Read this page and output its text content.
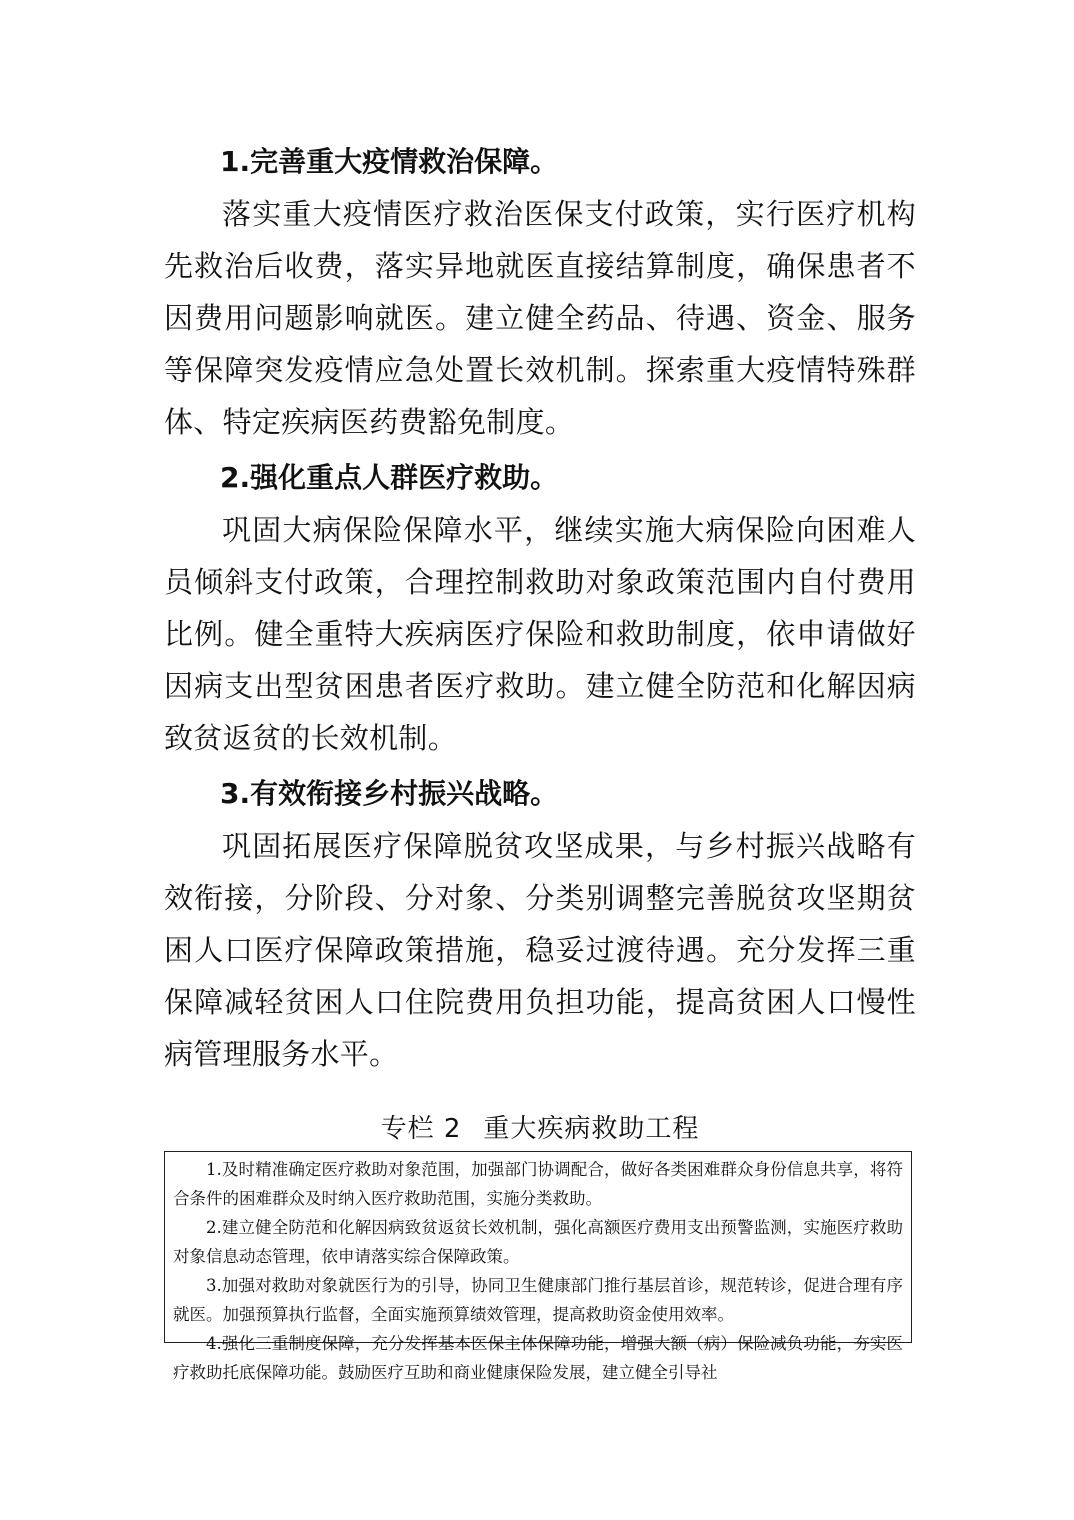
1.完善重大疫情救治保障。

落实重大疫情医疗救治医保支付政策，实行医疗机构先救治后收费，落实异地就医直接结算制度，确保患者不因费用问题影响就医。建立健全药品、待遇、资金、服务等保障突发疫情应急处置长效机制。探索重大疫情特殊群体、特定疾病医药费豁免制度。

2.强化重点人群医疗救助。

巩固大病保险保障水平，继续实施大病保险向困难人员倾斜支付政策，合理控制救助对象政策范围内自付费用比例。健全重特大疾病医疗保险和救助制度，依申请做好因病支出型贫困患者医疗救助。建立健全防范和化解因病致贫返贫的长效机制。

3.有效衔接乡村振兴战略。

巩固拓展医疗保障脱贫攻坚成果，与乡村振兴战略有效衔接，分阶段、分对象、分类别调整完善脱贫攻坚期贫困人口医疗保障政策措施，稳妥过渡待遇。充分发挥三重保障减轻贫困人口住院费用负担功能，提高贫困人口慢性病管理服务水平。

专栏 2 重大疾病救助工程

1.及时精准确定医疗救助对象范围，加强部门协调配合，做好各类困难群众身份信息共享，将符合条件的困难群众及时纳入医疗救助范围，实施分类救助。

2.建立健全防范和化解因病致贫返贫长效机制，强化高额医疗费用支出预警监测，实施医疗救助对象信息动态管理，依申请落实综合保障政策。

3.加强对救助对象就医行为的引导，协同卫生健康部门推行基层首诊，规范转诊，促进合理有序就医。加强预算执行监督，全面实施预算绩效管理，提高救助资金使用效率。

4.强化三重制度保障，充分发挥基本医保主体保障功能，增强大额（病）保险减负功能，夯实医疗救助托底保障功能。鼓励医疗互助和商业健康保险发展，建立健全引导社
